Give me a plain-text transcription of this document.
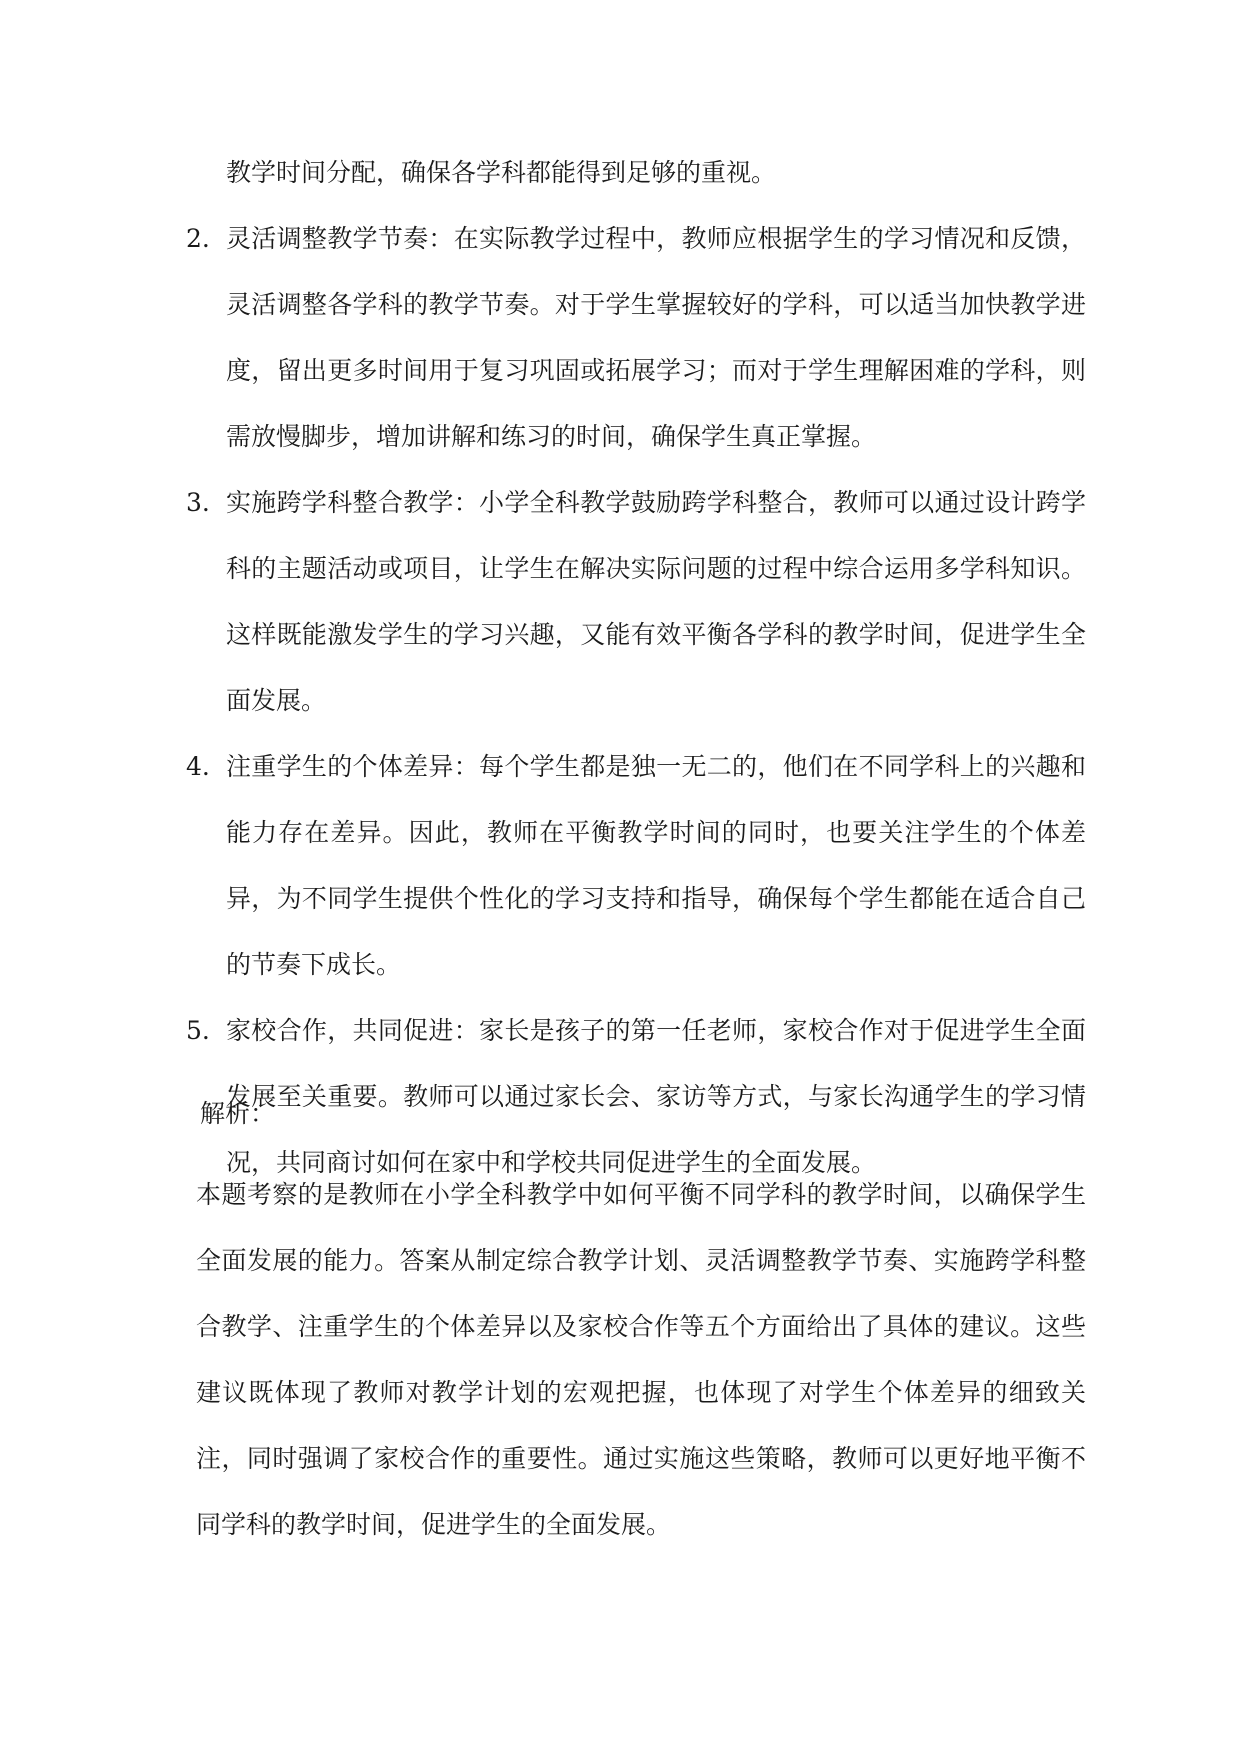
教学时间分配，确保各学科都能得到足够的重视。
2. 灵活调整教学节奏：在实际教学过程中，教师应根据学生的学习情况和反馈，灵活调整各学科的教学节奏。对于学生掌握较好的学科，可以适当加快教学进度，留出更多时间用于复习巩固或拓展学习；而对于学生理解困难的学科，则需放慢脚步，增加讲解和练习的时间，确保学生真正掌握。
3. 实施跨学科整合教学：小学全科教学鼓励跨学科整合，教师可以通过设计跨学科的主题活动或项目，让学生在解决实际问题的过程中综合运用多学科知识。这样既能激发学生的学习兴趣，又能有效平衡各学科的教学时间，促进学生全面发展。
4. 注重学生的个体差异：每个学生都是独一无二的，他们在不同学科上的兴趣和能力存在差异。因此，教师在平衡教学时间的同时，也要关注学生的个体差异，为不同学生提供个性化的学习支持和指导，确保每个学生都能在适合自己的节奏下成长。
5. 家校合作，共同促进：家长是孩子的第一任老师，家校合作对于促进学生全面发展至关重要。教师可以通过家长会、家访等方式，与家长沟通学生的学习情况，共同商讨如何在家中和学校共同促进学生的全面发展。
解析：
本题考察的是教师在小学全科教学中如何平衡不同学科的教学时间，以确保学生全面发展的能力。答案从制定综合教学计划、灵活调整教学节奏、实施跨学科整合教学、注重学生的个体差异以及家校合作等五个方面给出了具体的建议。这些建议既体现了教师对教学计划的宏观把握，也体现了对学生个体差异的细致关注，同时强调了家校合作的重要性。通过实施这些策略，教师可以更好地平衡不同学科的教学时间，促进学生的全面发展。
